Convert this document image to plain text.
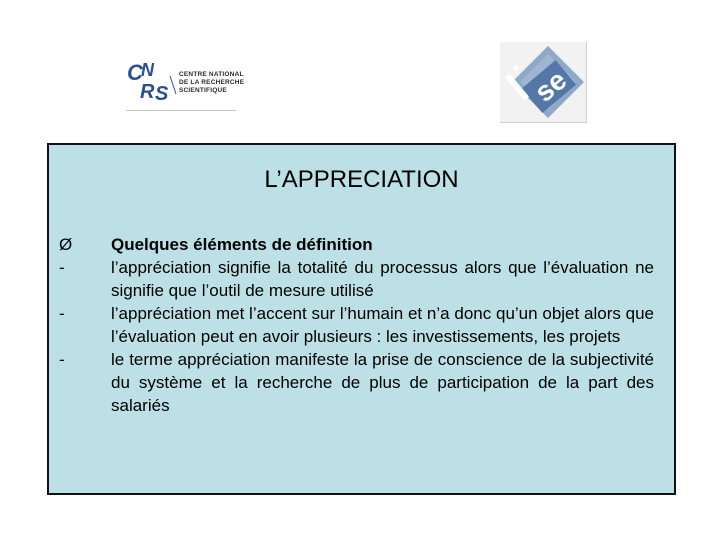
C
N
R S
CENTRE NATIONAL
DE LA RECHERCHE
SCIENTIFIQUE	se
L’APPRECIATION
Ø	Quelques éléments de définition
-	l’appréciation signifie la totalité du processus alors que l’évaluation ne signifie que l’outil de mesure utilisé
-	l’appréciation met l’accent sur l’humain et n’a donc qu’un objet alors que l’évaluation peut en avoir plusieurs : les investissements, les projets
-	le terme appréciation manifeste la prise de conscience de la subjectivité du système et la recherche de plus de participation de la part des salariés
